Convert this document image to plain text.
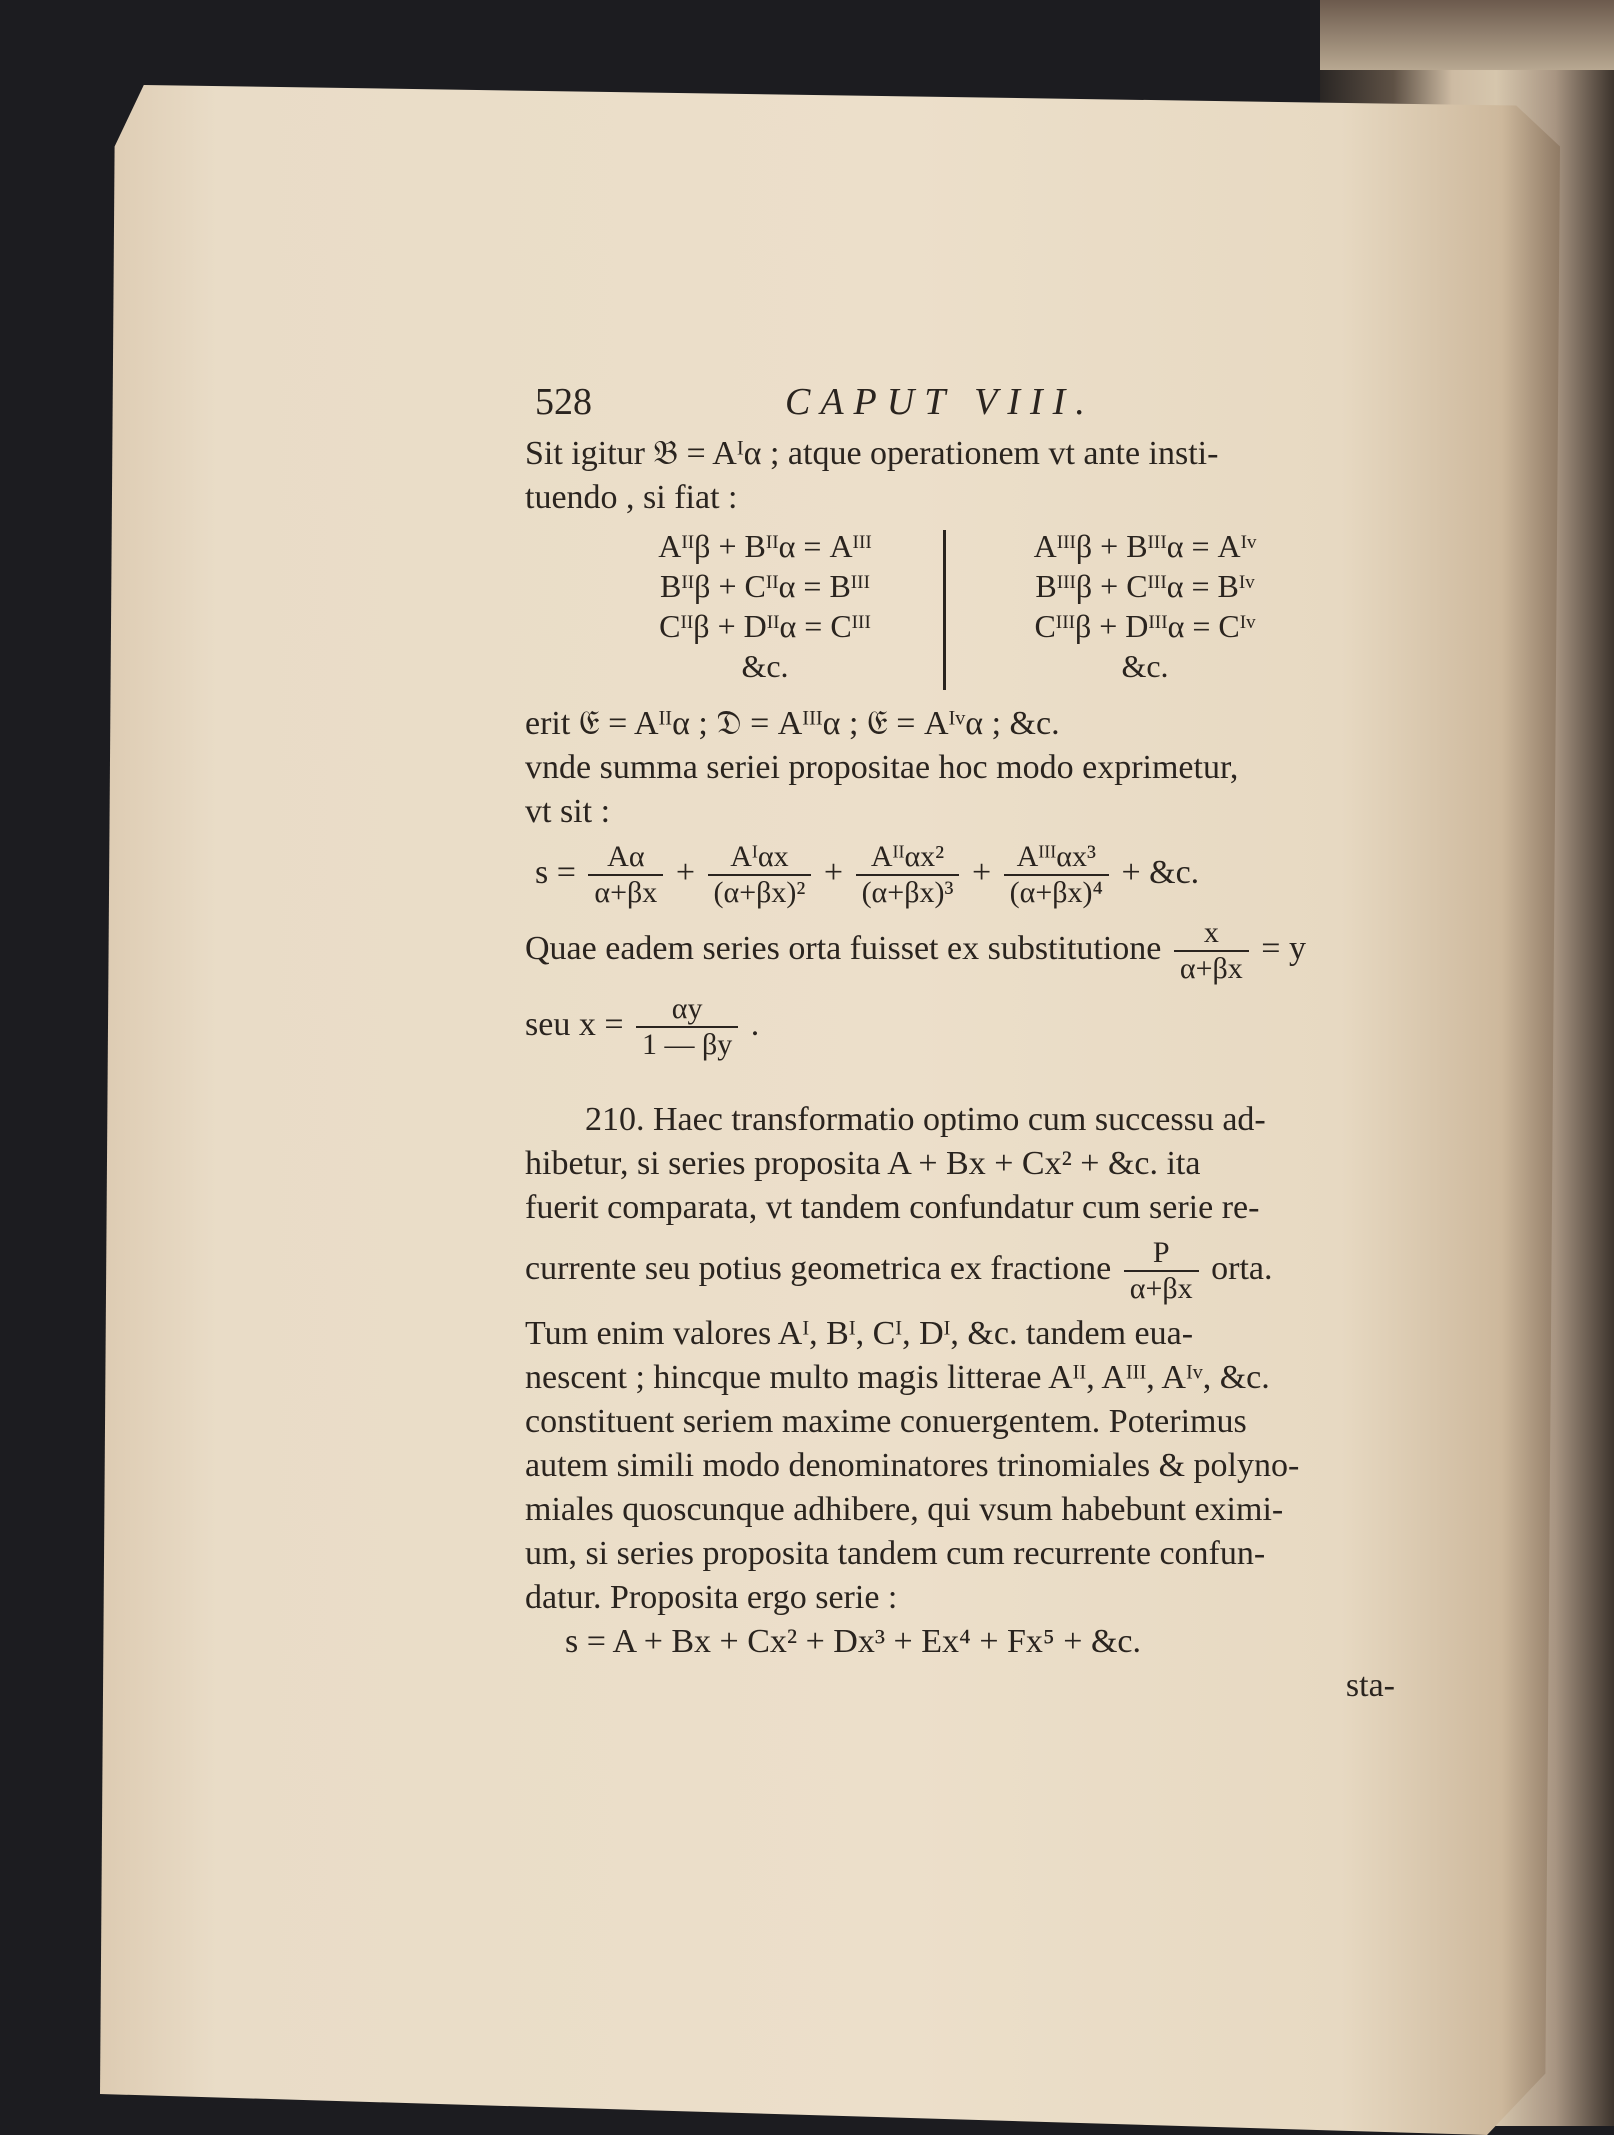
528	CAPUT VIII.

Sit igitur 𝔅 = Aᴵα ; atque operationem vt ante insti-

tuendo , si fiat :

Aᴵᴵβ + Bᴵᴵα = Aᴵᴵᴵ
Bᴵᴵβ + Cᴵᴵα = Bᴵᴵᴵ
Cᴵᴵβ + Dᴵᴵα = Cᴵᴵᴵ
&c.
Aᴵᴵᴵβ + Bᴵᴵᴵα = Aᴵᵛ
Bᴵᴵᴵβ + Cᴵᴵᴵα = Bᴵᵛ
Cᴵᴵᴵβ + Dᴵᴵᴵα = Cᴵᵛ
&c.

erit 𝔈 = Aᴵᴵα ; 𝔇 = Aᴵᴵᴵα ; 𝔈 = Aᴵᵛα ; &c.

vnde summa seriei propositae hoc modo exprimetur,

vt sit :

$s = \frac{A\alpha}{\alpha+\beta x} + \frac{\text{Aᴵαx}}{\text{(α+βx)²}} + \frac{\text{Aᴵᴵαx²}}{\text{(α+βx)³}} + \frac{\text{Aᴵᴵᴵαx³}}{\text{(α+βx)⁴}}$ + &c.
Quae eadem series orta fuisset ex substitutione $\frac{x}{\alpha+\beta x} = y$
seu $x = \frac{\alpha y}{1 — \beta y}$ .

210. Haec transformatio optimo cum successu ad-

hibetur, si series proposita A + Bx + Cx² + &c. ita

fuerit comparata, vt tandem confundatur cum serie re-

currente seu potius geometrica ex fractione $\frac{P}{\alpha+\beta x}$ orta.

Tum enim valores Aᴵ, Bᴵ, Cᴵ, Dᴵ, &c. tandem eua-

nescent ; hincque multo magis litterae Aᴵᴵ, Aᴵᴵᴵ, Aᴵᵛ, &c.

constituent seriem maxime conuergentem. Poterimus

autem simili modo denominatores trinomiales & polyno-

miales quoscunque adhibere, qui vsum habebunt eximi-

um, si series proposita tandem cum recurrente confun-

datur. Proposita ergo serie :

s = A + Bx + Cx² + Dx³ + Ex⁴ + Fx⁵ + &c.

sta-
